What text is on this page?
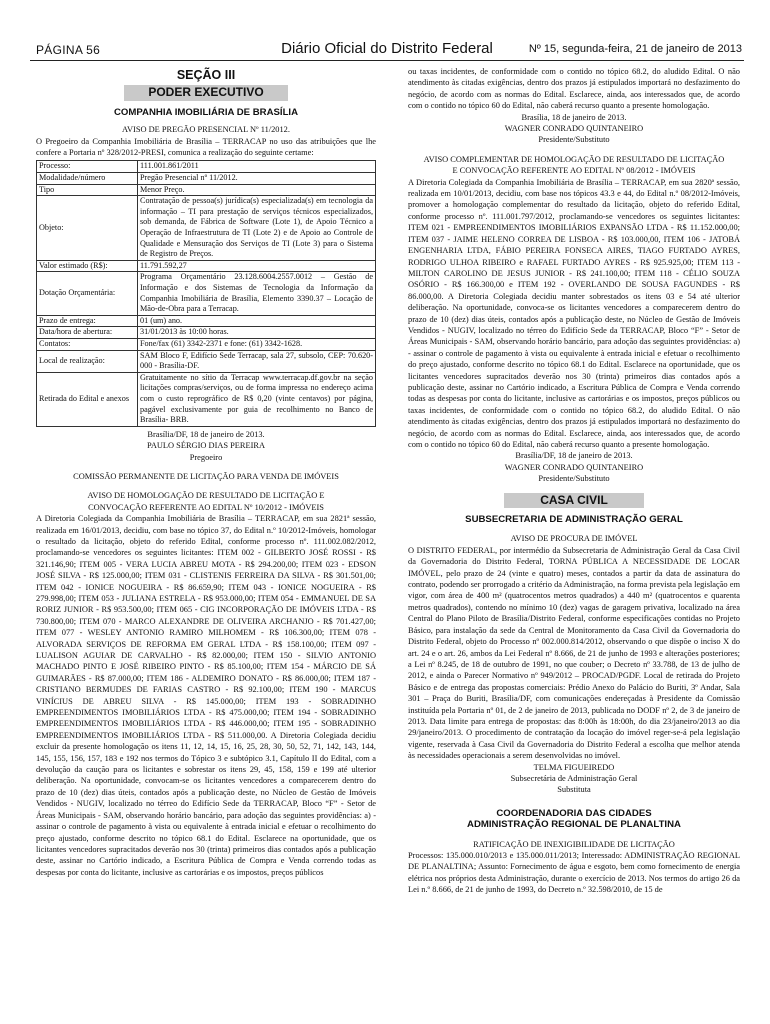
PÁGINA 56	Diário Oficial do Distrito Federal	Nº 15, segunda-feira, 21 de janeiro de 2013
SEÇÃO III
PODER EXECUTIVO
COMPANHIA IMOBILIÁRIA DE BRASÍLIA

AVISO DE PREGÃO PRESENCIAL Nº 11/2012.

O Pregoeiro da Companhia Imobiliária de Brasília – TERRACAP no uso das atribuições que lhe confere a Portaria nº 328/2012-PRESI, comunica a realização do seguinte certame:

Processo:	111.001.861/2011
Modalidade/número	Pregão Presencial nº 11/2012.
Tipo	Menor Preço.
Objeto:	Contratação de pessoa(s) jurídica(s) especializada(s) em tecnologia da informação – TI para prestação de serviços técnicos especializados, sob demanda, de Fábrica de Software (Lote 1), de Apoio Técnico a Operação de Infraestrutura de TI (Lote 2) e de Apoio ao Controle de Qualidade e Mensuração dos Serviços de TI (Lote 3) para o Sistema de Registro de Preços.
Valor estimado (R$):	11.791.592,27
Dotação Orçamentária:	Programa Orçamentário 23.128.6004.2557.0012 – Gestão de Informação e dos Sistemas de Tecnologia da Informação da Companhia Imobiliária de Brasília, Elemento 3390.37 – Locação de Mão-de-Obra para a Terracap.
Prazo de entrega:	01 (um) ano.
Data/hora de abertura:	31/01/2013 às 10:00 horas.
Contatos:	Fone/fax (61) 3342-2371 e fone: (61) 3342-1628.
Local de realização:	SAM Bloco F, Edifício Sede Terracap, sala 27, subsolo, CEP: 70.620-000 - Brasília-DF.
Retirada do Edital e anexos	Gratuitamente no sítio da Terracap www.terracap.df.gov.br na seção licitações compras/serviços, ou de forma impressa no endereço acima com o custo reprográfico de R$ 0,20 (vinte centavos) por página, pagável exclusivamente por guia de recolhimento no Banco de Brasília- BRB.

Brasília/DF, 18 de janeiro de 2013.

PAULO SÉRGIO DIAS PEREIRA

Pregoeiro

COMISSÃO PERMANENTE DE LICITAÇÃO PARA VENDA DE IMÓVEIS

AVISO DE HOMOLOGAÇÃO DE RESULTADO DE LICITAÇÃO E

CONVOCAÇÃO REFERENTE AO EDITAL Nº 10/2012 - IMÓVEIS

A Diretoria Colegiada da Companhia Imobiliária de Brasília – TERRACAP, em sua 2821ª sessão, realizada em 16/01/2013, decidiu, com base no tópico 37, do Edital n.º 10/2012-Imóveis, homologar o resultado da licitação, objeto do referido Edital, conforme processo nº. 111.002.082/2012, proclamando-se vencedores os seguintes licitantes: ITEM 002 - GILBERTO JOSÉ ROSSI - R$ 321.146,90; ITEM 005 - VERA LUCIA ABREU MOTA - R$ 294.200,00; ITEM 023 - EDSON JOSÉ SILVA - R$ 125.000,00; ITEM 031 - CLISTENIS FERREIRA DA SILVA - R$ 301.501,00; ITEM 042 - IONICE NOGUEIRA - R$ 86.659,90; ITEM 043 - IONICE NOGUEIRA - R$ 279.998,00; ITEM 053 - JULIANA ESTRELA - R$ 953.000,00; ITEM 054 - EMMANUEL DE SA RORIZ JUNIOR - R$ 953.500,00; ITEM 065 - CIG INCORPORAÇÃO DE IMÓVEIS LTDA - R$ 730.800,00; ITEM 070 - MARCO ALEXANDRE DE OLIVEIRA ARCHANJO - R$ 701.427,00; ITEM 077 - WESLEY ANTONIO RAMIRO MILHOMEM - R$ 106.300,00; ITEM 078 - ALVORADA SERVIÇOS DE REFORMA EM GERAL LTDA - R$ 158.100,00; ITEM 097 - LUALISON AGUIAR DE CARVALHO - R$ 82.000,00; ITEM 150 - SILVIO ANTONIO MACHADO PINTO E JOSÉ RIBEIRO PINTO - R$ 85.100,00; ITEM 154 - MÁRCIO DE SÁ GUIMARÃES - R$ 87.000,00; ITEM 186 - ALDEMIRO DONATO - R$ 86.000,00; ITEM 187 - CRISTIANO BERMUDES DE FARIAS CASTRO - R$ 92.100,00; ITEM 190 - MARCUS VINÍCIUS DE ABREU SILVA - R$ 145.000,00; ITEM 193 - SOBRADINHO EMPREENDIMENTOS IMOBILIÁRIOS LTDA - R$ 475.000,00; ITEM 194 - SOBRADINHO EMPREENDIMENTOS IMOBILIÁRIOS LTDA - R$ 446.000,00; ITEM 195 - SOBRADINHO EMPREENDIMENTOS IMOBILIÁRIOS LTDA - R$ 511.000,00. A Diretoria Colegiada decidiu excluir da presente homologação os itens 11, 12, 14, 15, 16, 25, 28, 30, 50, 52, 71, 142, 143, 144, 145, 155, 156, 157, 183 e 192 nos termos do Tópico 3 e subtópico 3.1, Capítulo II do Edital, com a devolução da caução para os licitantes e sobrestar os itens 29, 45, 158, 159 e 199 até ulterior deliberação. Na oportunidade, convocam-se os licitantes vencedores a comparecerem dentro do prazo de 10 (dez) dias úteis, contados após a publicação deste, no Núcleo de Gestão de Imóveis Vendidos - NUGIV, localizado no térreo do Edifício Sede da TERRACAP, Bloco “F” - Setor de Áreas Municipais - SAM, observando horário bancário, para adoção das seguintes providências: a) - assinar o controle de pagamento à vista ou equivalente à entrada inicial e efetuar o recolhimento do preço ajustado, conforme descrito no tópico 68.1 do Edital. Esclarece na oportunidade, que os licitantes vencedores supracitados deverão nos 30 (trinta) primeiros dias contados após a publicação deste, assinar no Cartório indicado, a Escritura Pública de Compra e Venda correndo todas as despesas por conta do licitante, inclusive as cartorárias e os impostos, preços públicos

ou taxas incidentes, de conformidade com o contido no tópico 68.2, do aludido Edital. O não atendimento às citadas exigências, dentro dos prazos já estipulados importará no desfazimento do negócio, de acordo com as normas do Edital. Esclarece, ainda, aos interessados que, de acordo com o contido no tópico 60 do Edital, não caberá recurso quanto a presente homologação.

Brasília, 18 de janeiro de 2013.

WAGNER CONRADO QUINTANEIRO

Presidente/Substituto

AVISO COMPLEMENTAR DE HOMOLOGAÇÃO DE RESULTADO DE LICITAÇÃO

E CONVOCAÇÃO REFERENTE AO EDITAL Nº 08/2012 - IMÓVEIS

A Diretoria Colegiada da Companhia Imobiliária de Brasília – TERRACAP, em sua 2820ª sessão, realizada em 10/01/2013, decidiu, com base nos tópicos 43.3 e 44, do Edital n.º 08/2012-Imóveis, promover a homologação complementar do resultado da licitação, objeto do referido Edital, conforme processo nº. 111.001.797/2012, proclamando-se vencedores os seguintes licitantes: ITEM 021 - EMPREENDIMENTOS IMOBILIÁRIOS EXPANSÃO LTDA - R$ 11.152.000,00; ITEM 037 - JAIME HELENO CORREA DE LISBOA - R$ 103.000,00, ITEM 106 - JATOBÁ ENGENHARIA LTDA, FÁBIO PEREIRA FONSECA AIRES, TIAGO FURTADO AYRES, RODRIGO ULHOA RIBEIRO e RAFAEL FURTADO AYRES - R$ 925.925,00; ITEM 113 - MILTON CAROLINO DE JESUS JUNIOR - R$ 241.100,00; ITEM 118 - CÉLIO SOUZA OSÓRIO - R$ 166.300,00 e ITEM 192 - OVERLANDO DE SOUSA FAGUNDES - R$ 86.000,00. A Diretoria Colegiada decidiu manter sobrestados os itens 03 e 54 até ulterior deliberação. Na oportunidade, convoca-se os licitantes vencedores a comparecerem dentro do prazo de 10 (dez) dias úteis, contados após a publicação deste, no Núcleo de Gestão de Imóveis Vendidos - NUGIV, localizado no térreo do Edifício Sede da TERRACAP, Bloco “F” - Setor de Áreas Municipais - SAM, observando horário bancário, para adoção das seguintes providências: a) - assinar o controle de pagamento à vista ou equivalente à entrada inicial e efetuar o recolhimento do preço ajustado, conforme descrito no tópico 68.1 do Edital. Esclarece na oportunidade, que os licitantes vencedores supracitados deverão nos 30 (trinta) primeiros dias contados após a publicação deste, assinar no Cartório indicado, a Escritura Pública de Compra e Venda correndo todas as despesas por conta do licitante, inclusive as cartorárias e os impostos, preços públicos ou taxas incidentes, de conformidade com o contido no tópico 68.2, do aludido Edital. O não atendimento às citadas exigências, dentro dos prazos já estipulados importará no desfazimento do negócio, de acordo com as normas do Edital. Esclarece, ainda, aos interessados que, de acordo com o contido no tópico 60 do Edital, não caberá recurso quanto a presente homologação.

Brasília/DF, 18 de janeiro de 2013.

WAGNER CONRADO QUINTANEIRO

Presidente/Substituto

CASA CIVIL
SUBSECRETARIA DE ADMINISTRAÇÃO GERAL

AVISO DE PROCURA DE IMÓVEL

O DISTRITO FEDERAL, por intermédio da Subsecretaria de Administração Geral da Casa Civil da Governadoria do Distrito Federal, TORNA PÚBLICA A NECESSIDADE DE LOCAR IMÓVEL, pelo prazo de 24 (vinte e quatro) meses, contados a partir da data de assinatura do contrato, podendo ser prorrogado a critério da Administração, na forma prevista pela legislação em vigor, com área de 400 m² (quatrocentos metros quadrados) a 440 m² (quatrocentos e quarenta metros quadrados), contendo no mínimo 10 (dez) vagas de garagem privativa, localizado na área Central do Plano Piloto de Brasília/Distrito Federal, conforme especificações contidas no Projeto Básico, para instalação da sede da Central de Monitoramento da Casa Civil da Governadoria do Distrito Federal, objeto do Processo nº 002.000.814/2012, observando o que dispõe o inciso X do art. 24 e o art. 26, ambos da Lei Federal nº 8.666, de 21 de junho de 1993 e alterações posteriores; a Lei nº 8.245, de 18 de outubro de 1991, no que couber; o Decreto nº 33.788, de 13 de julho de 2012, e ainda o Parecer Normativo nº 949/2012 – PROCAD/PGDF. Local de retirada do Projeto Básico e de entrega das propostas comerciais: Prédio Anexo do Palácio do Buriti, 3º Andar, Sala 301 – Praça do Buriti, Brasília/DF, com comunicações endereçadas à Presidente da Comissão instituída pela Portaria nº 01, de 2 de janeiro de 2013, publicada no DODF nº 2, de 3 de janeiro de 2013. Data limite para entrega de propostas: das 8:00h às 18:00h, do dia 23/janeiro/2013 ao dia 29/janeiro/2013. O procedimento de contratação da locação do imóvel reger-se-á pela legislação vigente, reservada à Casa Civil da Governadoria do Distrito Federal a escolha que melhor atenda às necessidades operacionais a serem desenvolvidas no imóvel.

TELMA FIGUEIREDO

Subsecretária de Administração Geral

Substituta

COORDENADORIA DAS CIDADES
ADMINISTRAÇÃO REGIONAL DE PLANALTINA

RATIFICAÇÃO DE INEXIGIBILIDADE DE LICITAÇÃO

Processos: 135.000.010/2013 e 135.000.011/2013; Interessado: ADMINISTRAÇÃO REGIONAL DE PLANALTINA; Assunto: Fornecimento de água e esgoto, bem como fornecimento de energia elétrica nos próprios desta Administração, durante o exercício de 2013. Nos termos do artigo 26 da Lei n.º 8.666, de 21 de junho de 1993, do Decreto n.º 32.598/2010, de 15 de
